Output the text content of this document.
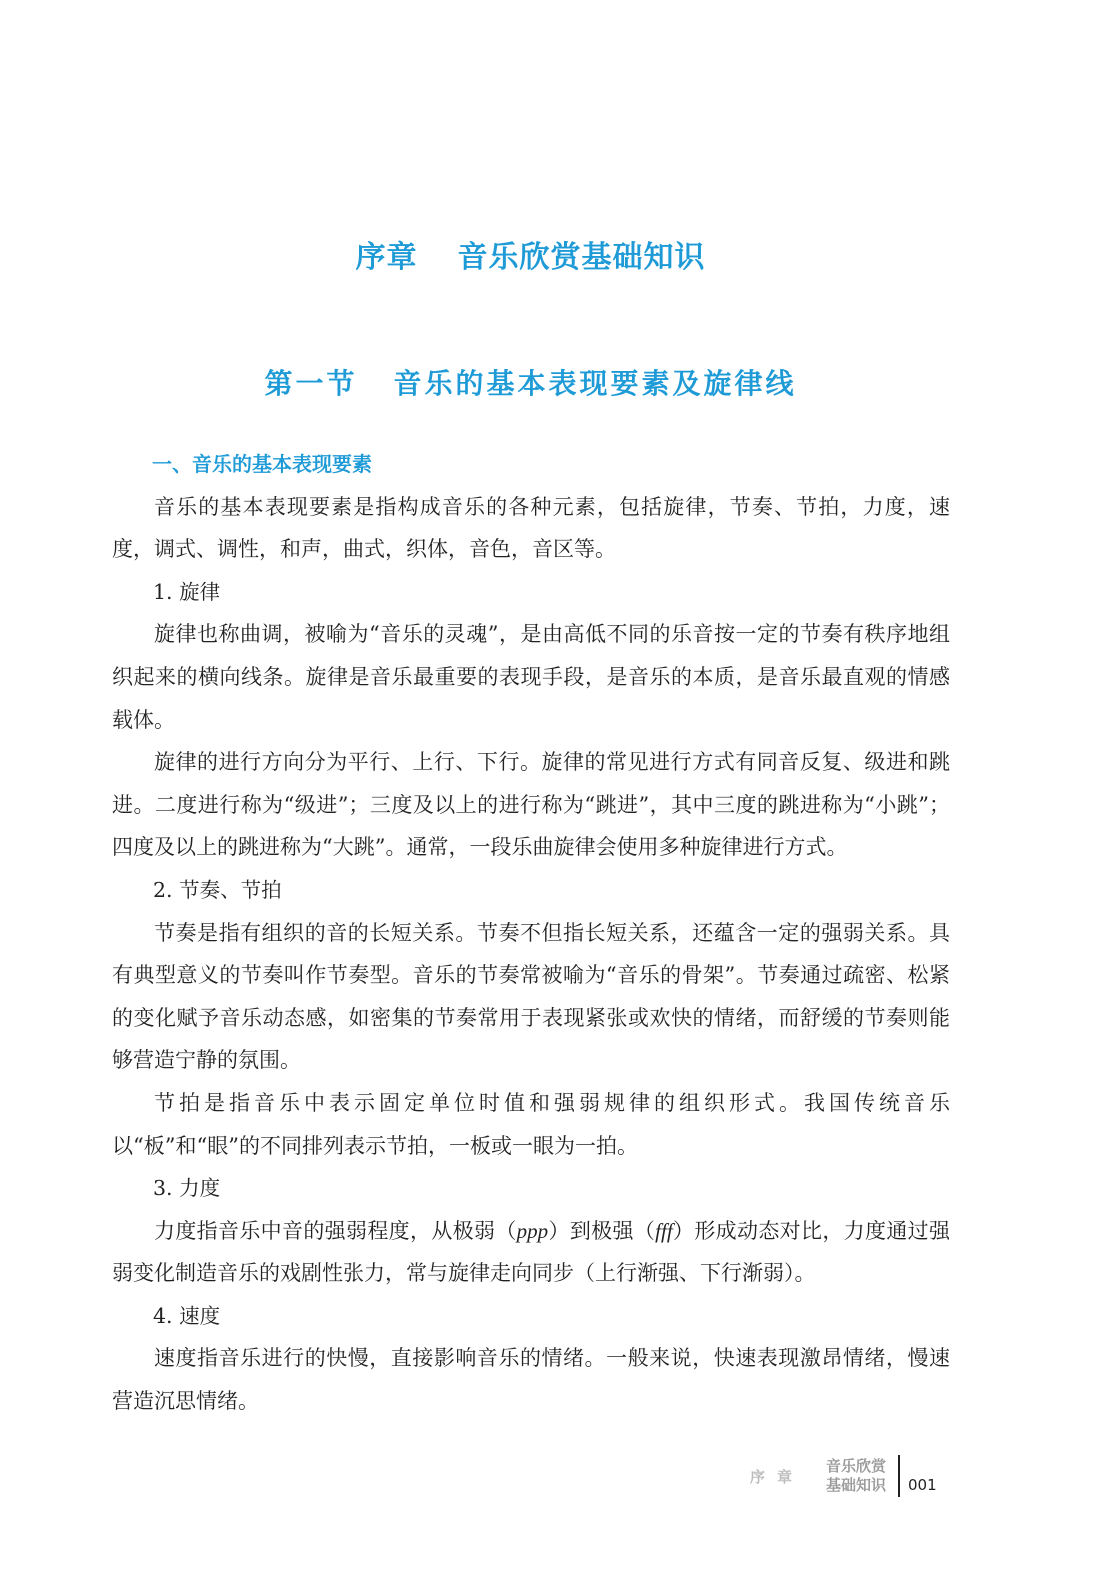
序章 音乐欣赏基础知识
第一节 音乐的基本表现要素及旋律线

一、音乐的基本表现要素

音乐的基本表现要素是指构成音乐的各种元素，包括旋律，节奏、节拍，力度，速度，调式、调性，和声，曲式，织体，音色，音区等。

1. 旋律

旋律也称曲调，被喻为“音乐的灵魂”，是由高低不同的乐音按一定的节奏有秩序地组织起来的横向线条。旋律是音乐最重要的表现手段，是音乐的本质，是音乐最直观的情感载体。

旋律的进行方向分为平行、上行、下行。旋律的常见进行方式有同音反复、级进和跳进。二度进行称为“级进”；三度及以上的进行称为“跳进”，其中三度的跳进称为“小跳”；四度及以上的跳进称为“大跳”。通常，一段乐曲旋律会使用多种旋律进行方式。

2. 节奏、节拍

节奏是指有组织的音的长短关系。节奏不但指长短关系，还蕴含一定的强弱关系。具有典型意义的节奏叫作节奏型。音乐的节奏常被喻为“音乐的骨架”。节奏通过疏密、松紧的变化赋予音乐动态感，如密集的节奏常用于表现紧张或欢快的情绪，而舒缓的节奏则能够营造宁静的氛围。

节拍是指音乐中表示固定单位时值和强弱规律的组织形式。我国传统音乐以“板”和“眼”的不同排列表示节拍，一板或一眼为一拍。

3. 力度

力度指音乐中音的强弱程度，从极弱（ppp）到极强（fff）形成动态对比，力度通过强弱变化制造音乐的戏剧性张力，常与旋律走向同步（上行渐强、下行渐弱）。

4. 速度

速度指音乐进行的快慢，直接影响音乐的情绪。一般来说，快速表现激昂情绪，慢速营造沉思情绪。

序章
音乐欣赏
基础知识	001
